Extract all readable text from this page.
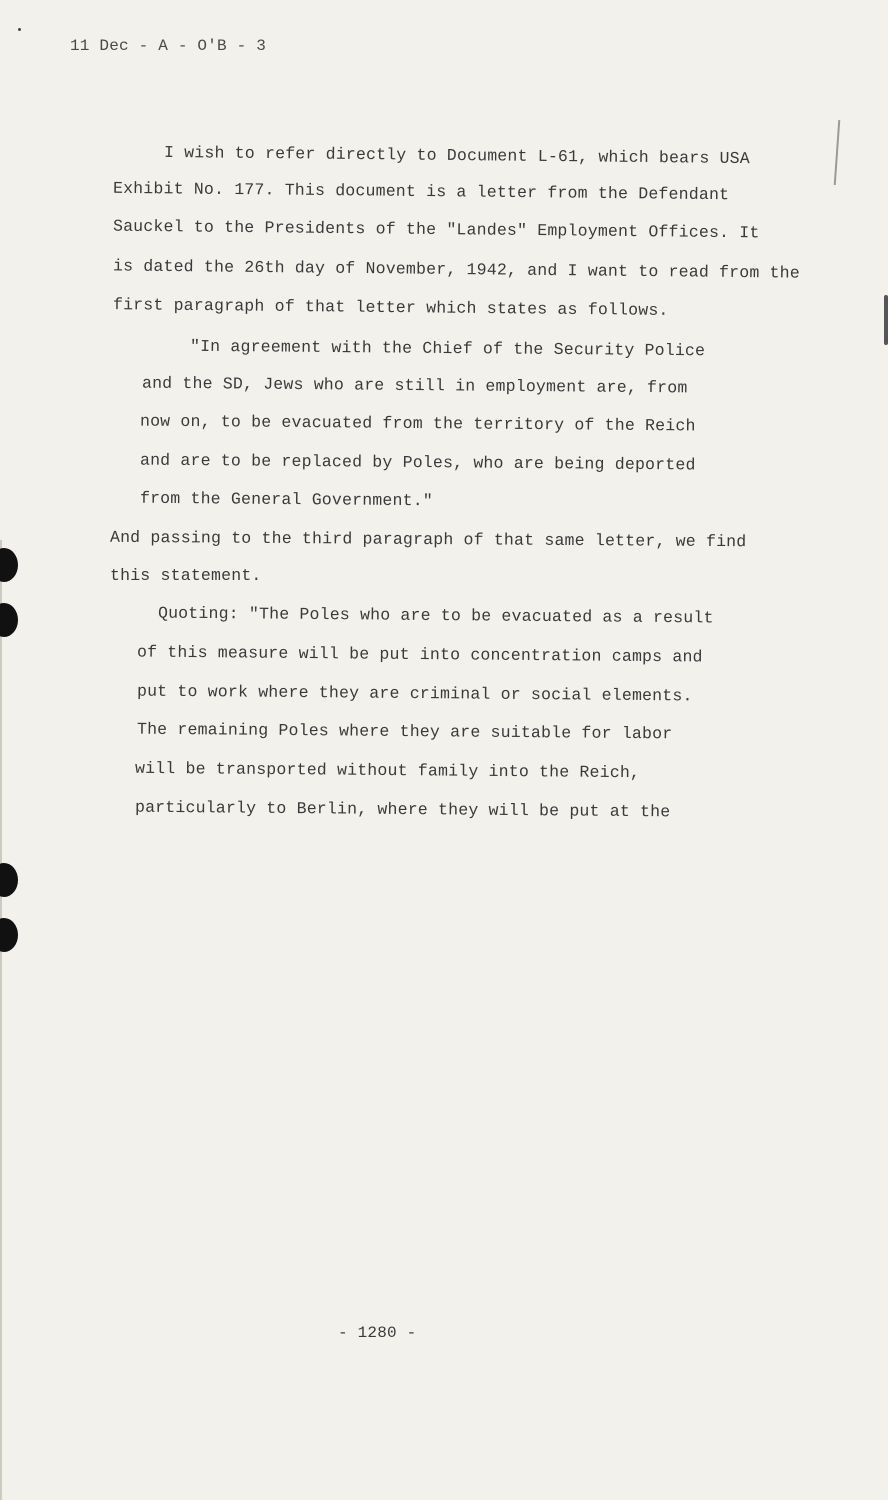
11 Dec - A - O'B - 3
I wish to refer directly to Document L-61, which bears USA
Exhibit No. 177. This document is a letter from the Defendant
Sauckel to the Presidents of the "Landes" Employment Offices. It
is dated the 26th day of November, 1942, and I want to read from the
first paragraph of that letter which states as follows.
"In agreement with the Chief of the Security Police
and the SD, Jews who are still in employment are, from
now on, to be evacuated from the territory of the Reich
and are to be replaced by Poles, who are being deported
from the General Government."
And passing to the third paragraph of that same letter, we find
this statement.
Quoting: "The Poles who are to be evacuated as a result
of this measure will be put into concentration camps and
put to work where they are criminal or social elements.
The remaining Poles where they are suitable for labor
will be transported without family into the Reich,
particularly to Berlin, where they will be put at the
- 1280 -
